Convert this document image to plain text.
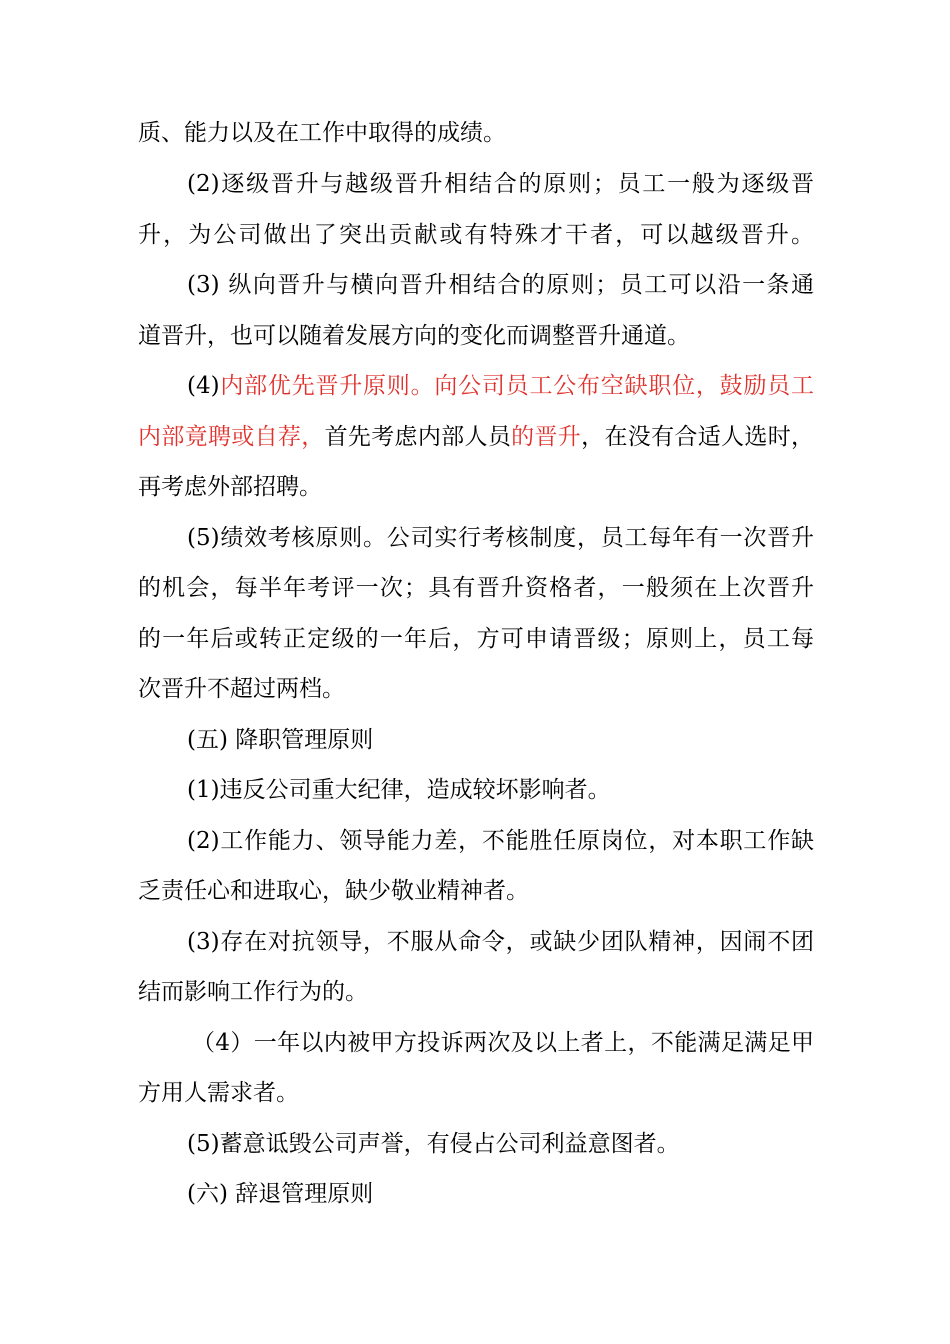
质、能力以及在工作中取得的成绩。
(2)逐级晋升与越级晋升相结合的原则；员工一般为逐级晋
升，为公司做出了突出贡献或有特殊才干者，可以越级晋升。
(3) 纵向晋升与横向晋升相结合的原则；员工可以沿一条通
道晋升，也可以随着发展方向的变化而调整晋升通道。
(4)内部优先晋升原则。向公司员工公布空缺职位，鼓励员工
内部竟聘或自荐，首先考虑内部人员的晋升，在没有合适人选时，
再考虑外部招聘。
(5)绩效考核原则。公司实行考核制度，员工每年有一次晋升
的机会，每半年考评一次；具有晋升资格者，一般须在上次晋升
的一年后或转正定级的一年后，方可申请晋级；原则上，员工每
次晋升不超过两档。
(五) 降职管理原则
(1)违反公司重大纪律，造成较坏影响者。
(2)工作能力、领导能力差，不能胜任原岗位，对本职工作缺
乏责任心和进取心，缺少敬业精神者。
(3)存在对抗领导，不服从命令，或缺少团队精神，因闹不团
结而影响工作行为的。
（4）一年以内被甲方投诉两次及以上者上，不能满足满足甲
方用人需求者。
(5)蓄意诋毁公司声誉，有侵占公司利益意图者。
(六) 辞退管理原则
